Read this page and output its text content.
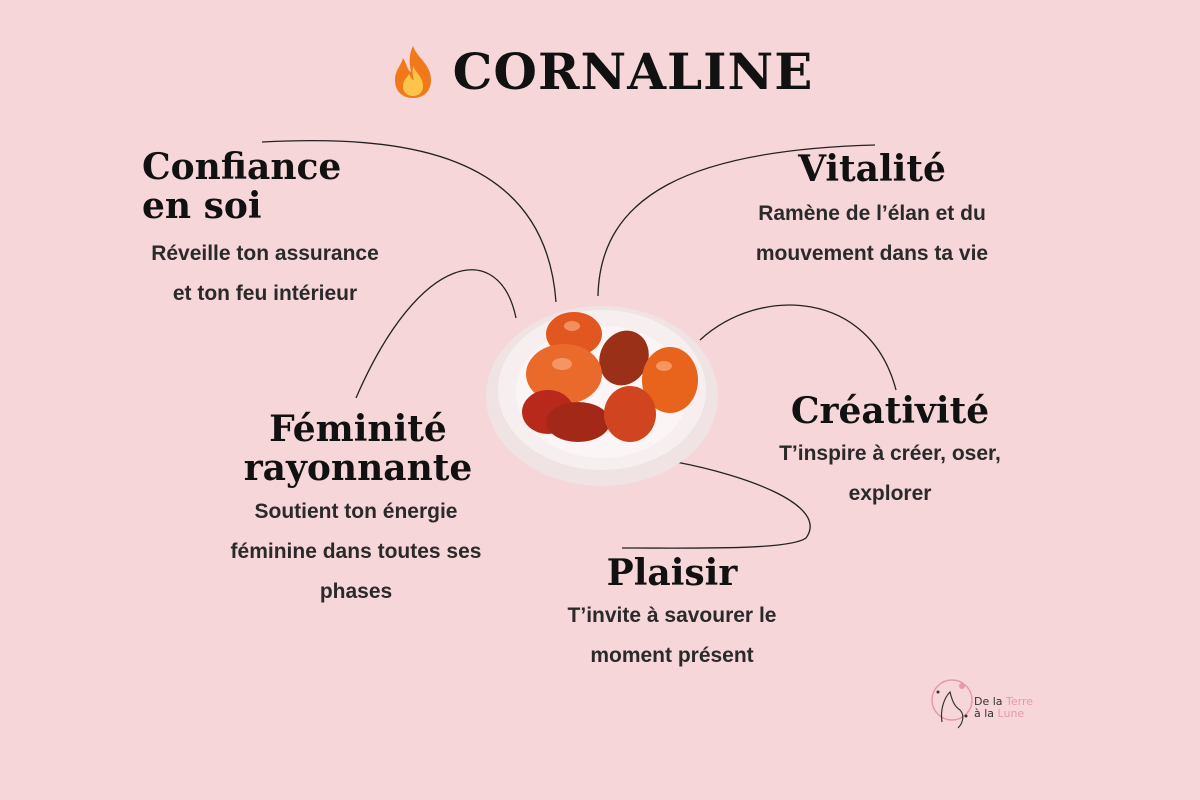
CORNALINE
Confiance en soi
Réveille ton assurance
et ton feu intérieur
Vitalité
Ramène de l’élan et du
mouvement dans ta vie
Créativité
T’inspire à créer, oser,
explorer
Féminité
rayonnante
Soutient ton énergie
féminine dans toutes ses
phases	Plaisir
T’invite à savourer le
moment présent
De la Terre
à la Lune
